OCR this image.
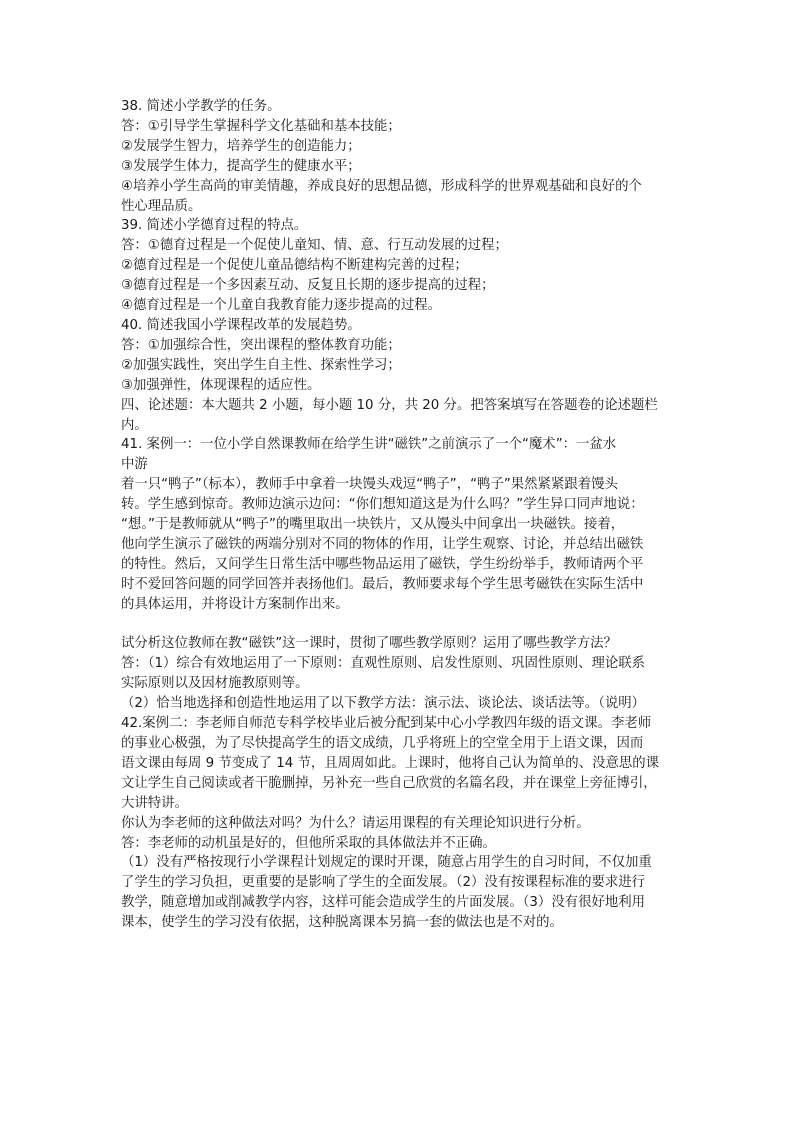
38. 简述小学教学的任务。
答：①引导学生掌握科学文化基础和基本技能；
②发展学生智力，培养学生的创造能力；
③发展学生体力，提高学生的健康水平；
④培养小学生高尚的审美情趣，养成良好的思想品德，形成科学的世界观基础和良好的个
性心理品质。
39. 简述小学德育过程的特点。
答：①德育过程是一个促使儿童知、情、意、行互动发展的过程；
②德育过程是一个促使儿童品德结构不断建构完善的过程；
③德育过程是一个多因素互动、反复且长期的逐步提高的过程；
④德育过程是一个儿童自我教育能力逐步提高的过程。
40. 简述我国小学课程改革的发展趋势。
答：①加强综合性，突出课程的整体教育功能；
②加强实践性，突出学生自主性、探索性学习；
③加强弹性，体现课程的适应性。
四、论述题：本大题共 2 小题，每小题 10 分，共 20 分。把答案填写在答题卷的论述题栏
内。
41. 案例一：一位小学自然课教师在给学生讲“磁铁”之前演示了一个“魔术”：一盆水
中游
着一只“鸭子”（标本），教师手中拿着一块馒头戏逗“鸭子”，“鸭子”果然紧紧跟着馒头
转。学生感到惊奇。教师边演示边问：“你们想知道这是为什么吗？”学生异口同声地说：
“想。”于是教师就从“鸭子”的嘴里取出一块铁片，又从馒头中间拿出一块磁铁。接着，
他向学生演示了磁铁的两端分别对不同的物体的作用，让学生观察、讨论，并总结出磁铁
的特性。然后，又问学生日常生活中哪些物品运用了磁铁，学生纷纷举手，教师请两个平
时不爱回答问题的同学回答并表扬他们。最后，教师要求每个学生思考磁铁在实际生活中
的具体运用，并将设计方案制作出来。
试分析这位教师在教“磁铁”这一课时，贯彻了哪些教学原则？运用了哪些教学方法？
答：（1）综合有效地运用了一下原则：直观性原则、启发性原则、巩固性原则、理论联系
实际原则以及因材施教原则等。
（2）恰当地选择和创造性地运用了以下教学方法：演示法、谈论法、谈话法等。（说明）
42.案例二：李老师自师范专科学校毕业后被分配到某中心小学教四年级的语文课。李老师
的事业心极强，为了尽快提高学生的语文成绩，几乎将班上的空堂全用于上语文课，因而
语文课由每周 9 节变成了 14 节，且周周如此。上课时，他将自己认为简单的、没意思的课
文让学生自己阅读或者干脆删掉，另补充一些自己欣赏的名篇名段，并在课堂上旁征博引，
大讲特讲。
你认为李老师的这种做法对吗？为什么？请运用课程的有关理论知识进行分析。
答：李老师的动机虽是好的，但他所采取的具体做法并不正确。
（1）没有严格按现行小学课程计划规定的课时开课，随意占用学生的自习时间，不仅加重
了学生的学习负担，更重要的是影响了学生的全面发展。（2）没有按课程标准的要求进行
教学，随意增加或削减教学内容，这样可能会造成学生的片面发展。（3）没有很好地利用
课本，使学生的学习没有依据，这种脱离课本另搞一套的做法也是不对的。
